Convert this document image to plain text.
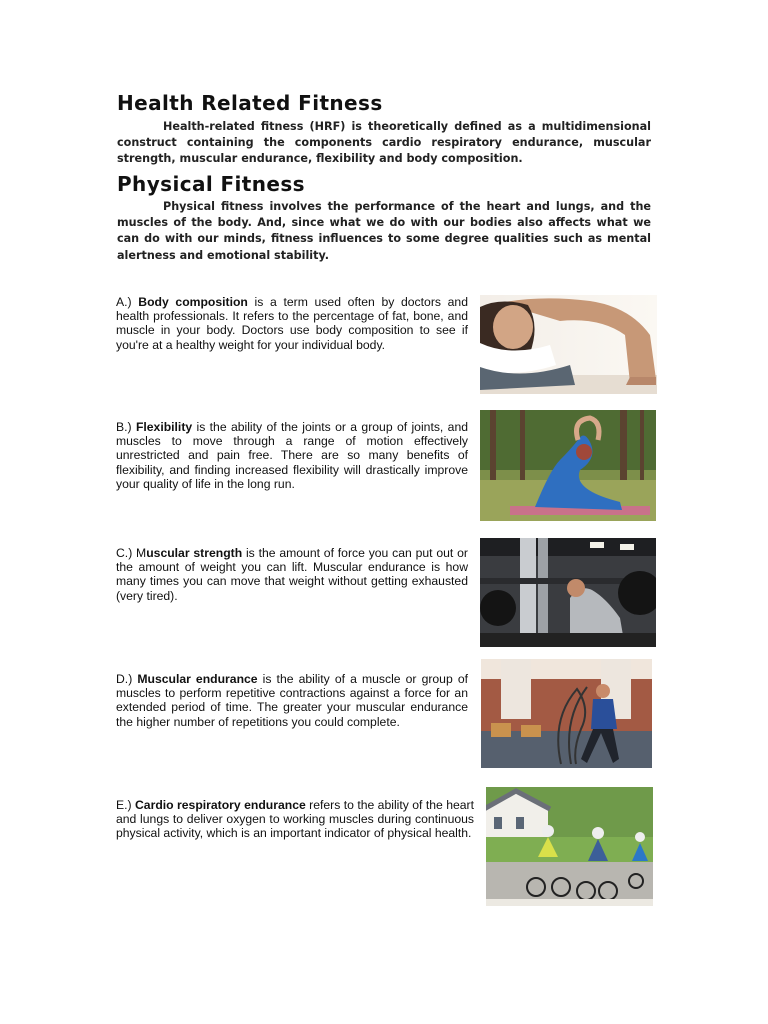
Health Related Fitness

Health-related fitness (HRF) is theoretically defined as a multidimensional construct containing the components cardio respiratory endurance, muscular strength, muscular endurance, flexibility and body composition.

Physical Fitness

Physical fitness involves the performance of the heart and lungs, and the muscles of the body. And, since what we do with our bodies also affects what we can do with our minds, fitness influences to some degree qualities such as mental alertness and emotional stability.

A.) Body composition is a term used often by doctors and health professionals. It refers to the percentage of fat, bone, and muscle in your body. Doctors use body composition to see if you're at a healthy weight for your individual body.

B.) Flexibility is the ability of the joints or a group of joints, and muscles to move through a range of motion effectively unrestricted and pain free. There are so many benefits of flexibility, and finding increased flexibility will drastically improve your quality of life in the long run.

C.) Muscular strength is the amount of force you can put out or the amount of weight you can lift. Muscular endurance is how many times you can move that weight without getting exhausted (very tired).

D.) Muscular endurance is the ability of a muscle or group of muscles to perform repetitive contractions against a force for an extended period of time. The greater your muscular endurance the higher number of repetitions you could complete.

E.) Cardio respiratory endurance refers to the ability of the heart and lungs to deliver oxygen to working muscles during continuous physical activity, which is an important indicator of physical health.
